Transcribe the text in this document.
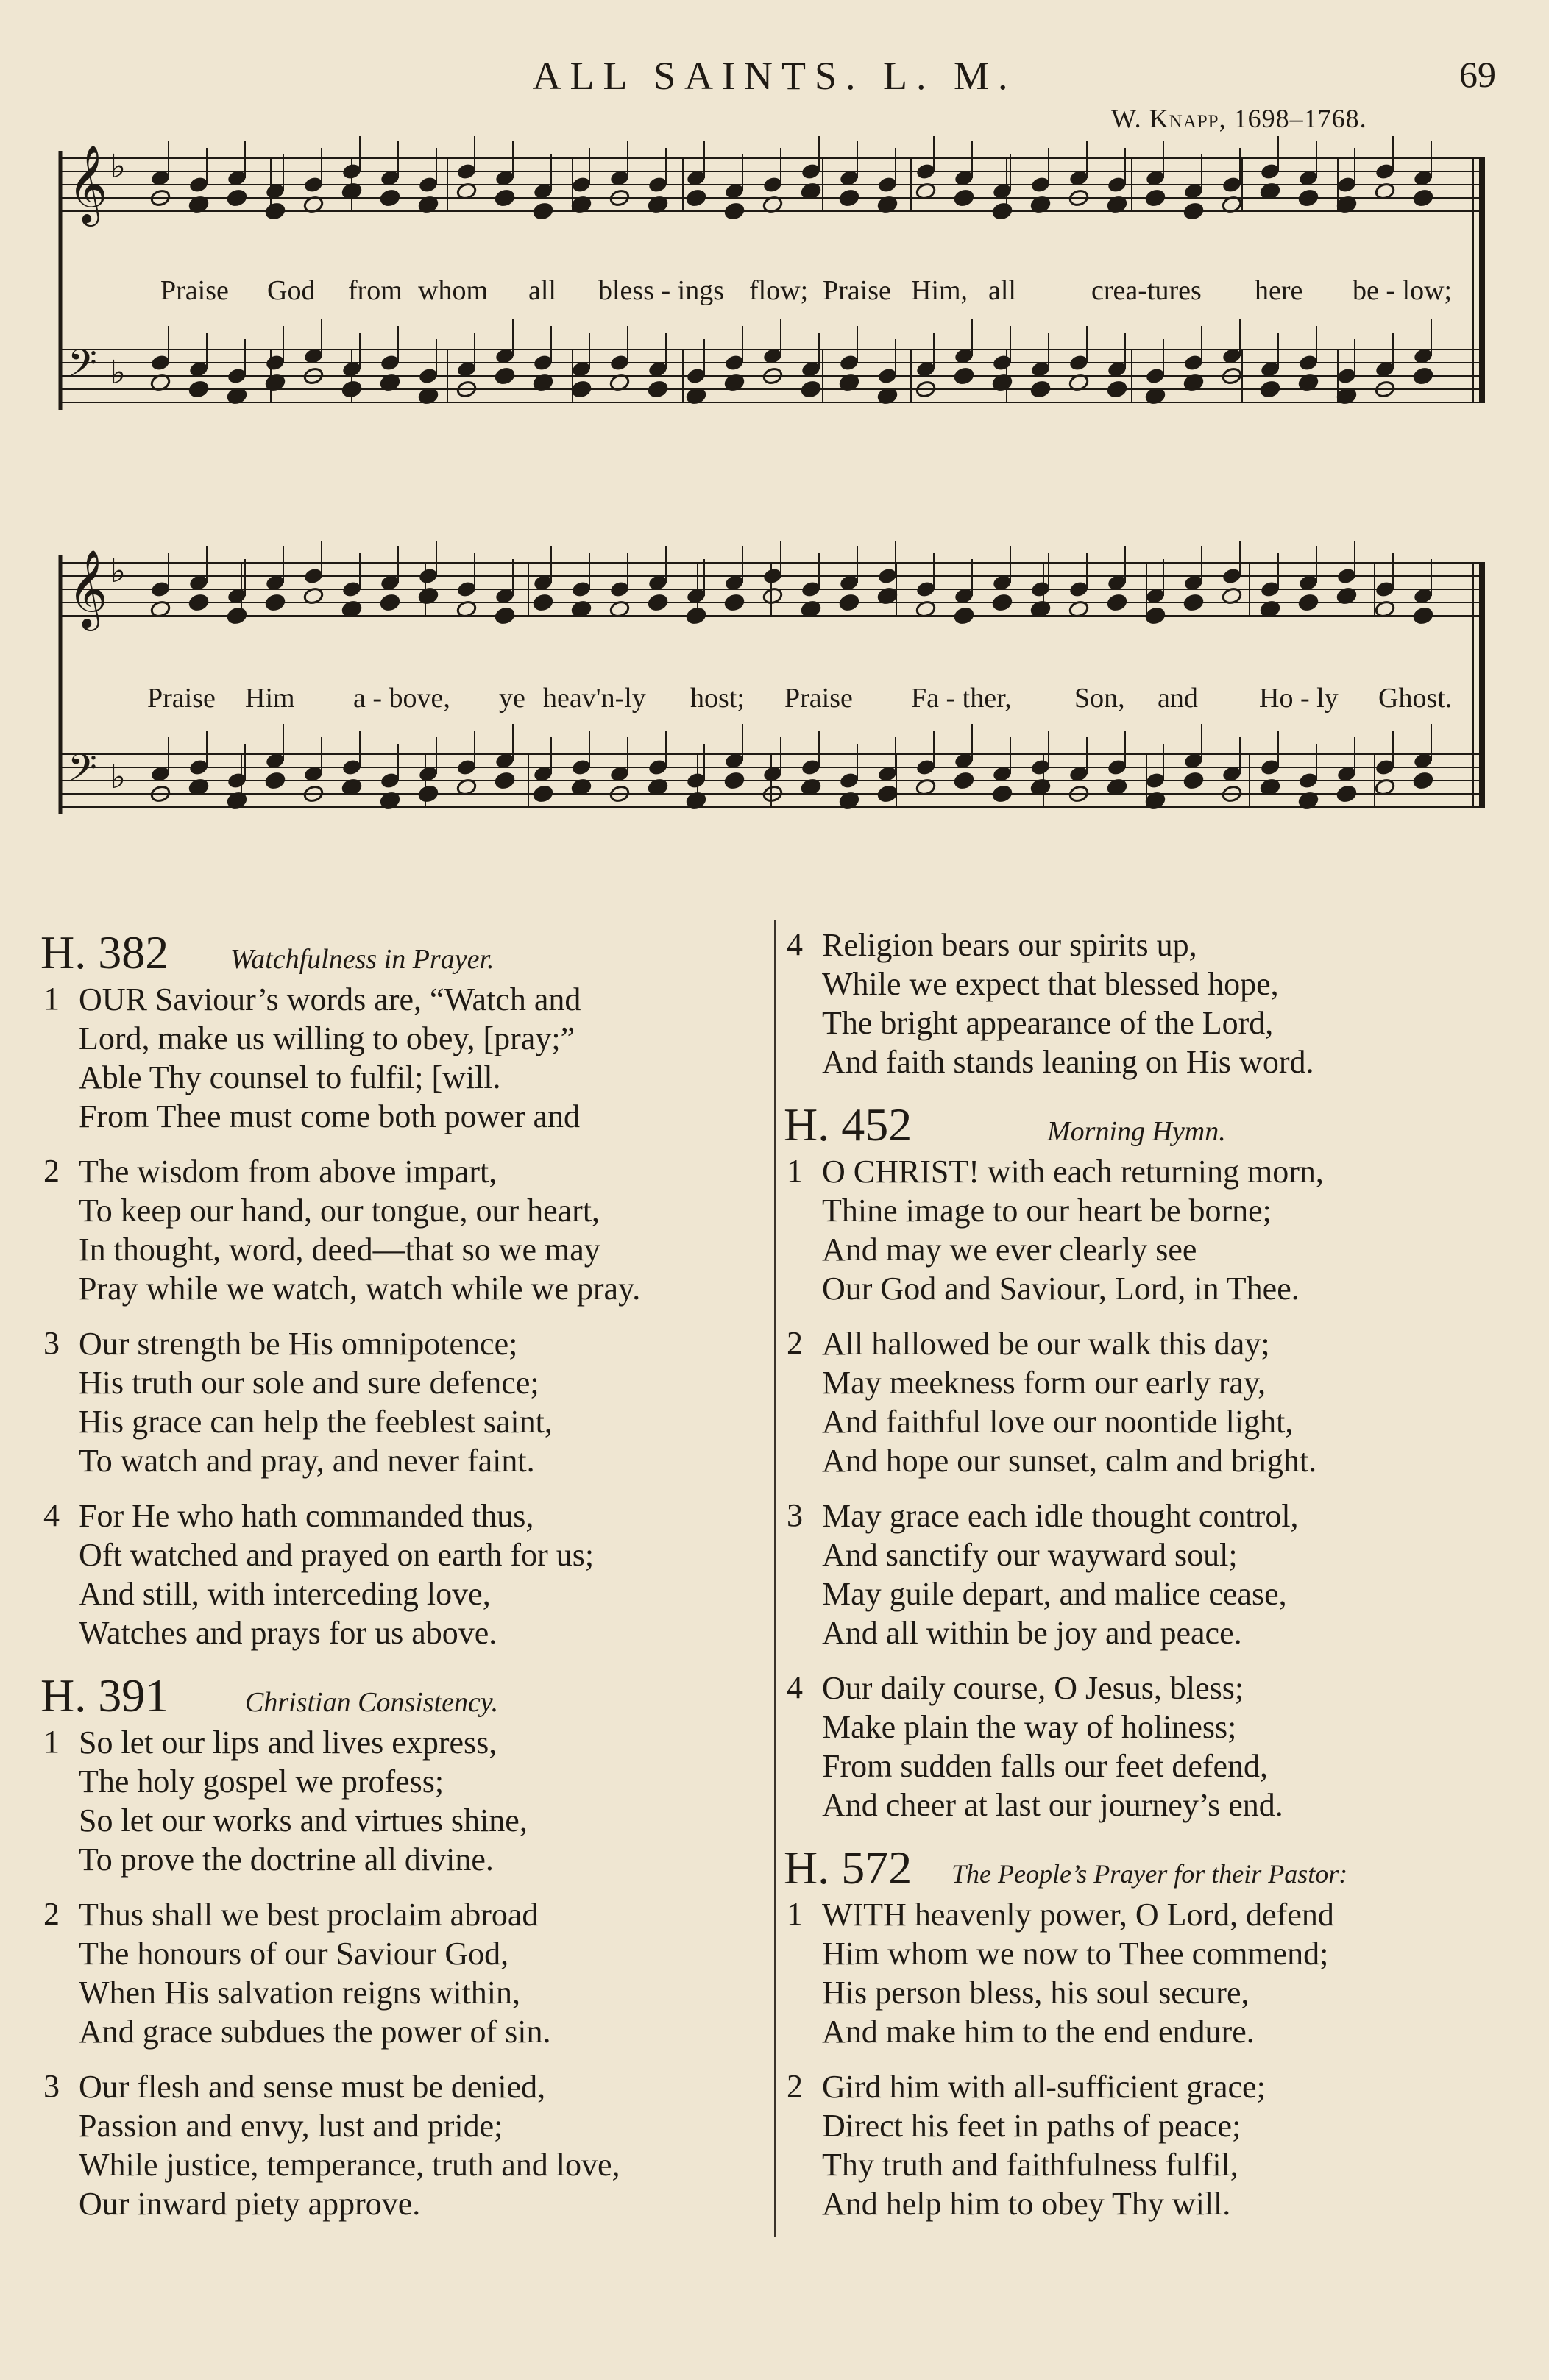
ALL SAINTS. L. M.	69
W. Knapp, 1698–1768.
𝄞 ♭
𝄢 ♭
Praise God from whom all bless - ings flow; Praise Him, all	crea-tures here be - low;
𝄞 ♭
𝄢 ♭
Praise Him a - bove, ye heav'n-ly host; Praise Fa - ther, Son, and Ho - ly Ghost.
H. 382 Watchfulness in Prayer.
1 OUR Saviour’s words are, “Watch and
Lord, make us willing to obey, [pray;”
Able Thy counsel to fulfil; [will.
From Thee must come both power and
2 The wisdom from above impart,
To keep our hand, our tongue, our heart,
In thought, word, deed—that so we may
Pray while we watch, watch while we pray.
3 Our strength be His omnipotence;
His truth our sole and sure defence;
His grace can help the feeblest saint,
To watch and pray, and never faint.
4 For He who hath commanded thus,
Oft watched and prayed on earth for us;
And still, with interceding love,
Watches and prays for us above.
H. 391	Christian Consistency.
1 So let our lips and lives express,
The holy gospel we profess;
So let our works and virtues shine,
To prove the doctrine all divine.
2 Thus shall we best proclaim abroad
The honours of our Saviour God,
When His salvation reigns within,
And grace subdues the power of sin.
3 Our flesh and sense must be denied,
Passion and envy, lust and pride;
While justice, temperance, truth and love,
Our inward piety approve.
4 Religion bears our spirits up,
While we expect that blessed hope,
The bright appearance of the Lord,
And faith stands leaning on His word.
H. 452	Morning Hymn.
1 O CHRIST! with each returning morn,
Thine image to our heart be borne;
And may we ever clearly see
Our God and Saviour, Lord, in Thee.
2 All hallowed be our walk this day;
May meekness form our early ray,
And faithful love our noontide light,
And hope our sunset, calm and bright.
3 May grace each idle thought control,
And sanctify our wayward soul;
May guile depart, and malice cease,
And all within be joy and peace.
4 Our daily course, O Jesus, bless;
Make plain the way of holiness;
From sudden falls our feet defend,
And cheer at last our journey’s end.
H. 572 The People’s Prayer for their Pastor:
1 WITH heavenly power, O Lord, defend
Him whom we now to Thee commend;
His person bless, his soul secure,
And make him to the end endure.
2 Gird him with all-sufficient grace;
Direct his feet in paths of peace;
Thy truth and faithfulness fulfil,
And help him to obey Thy will.
